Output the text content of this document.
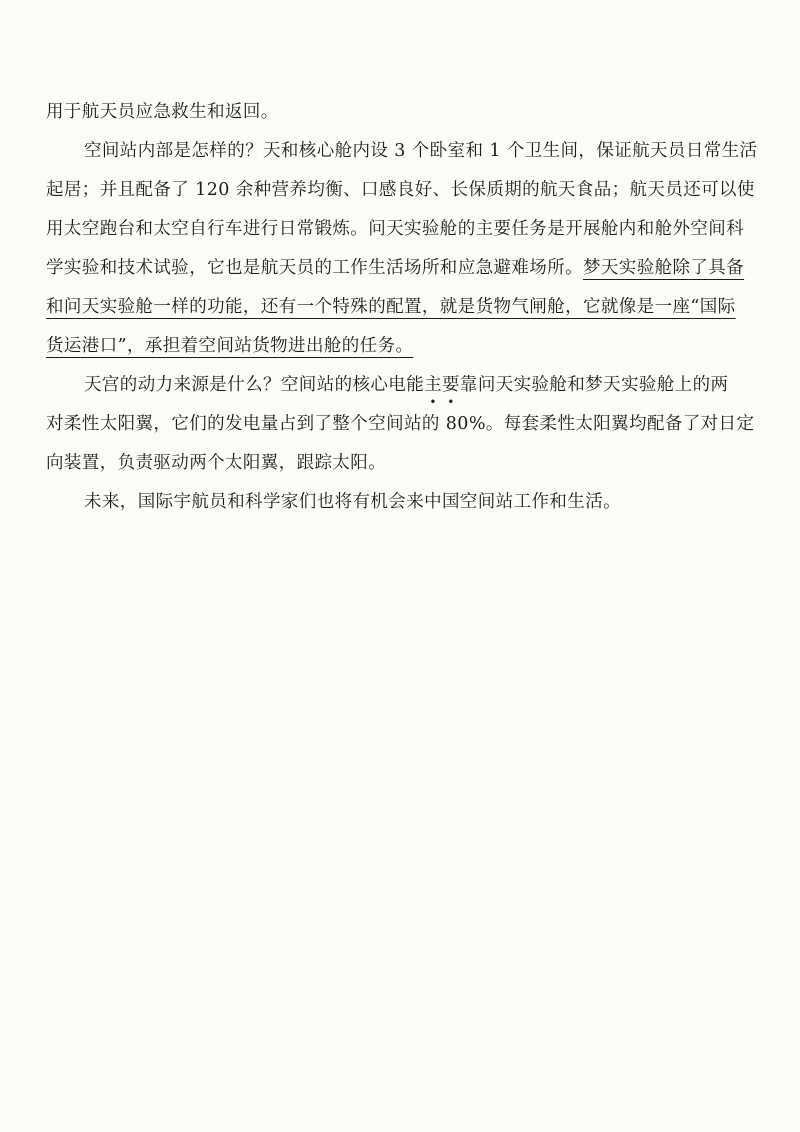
用于航天员应急救生和返回。
空间站内部是怎样的？天和核心舱内设 3 个卧室和 1 个卫生间，保证航天员日常生活
起居；并且配备了 120 余种营养均衡、口感良好、长保质期的航天食品；航天员还可以使
用太空跑台和太空自行车进行日常锻炼。问天实验舱的主要任务是开展舱内和舱外空间科
学实验和技术试验，它也是航天员的工作生活场所和应急避难场所。梦天实验舱除了具备
和问天实验舱一样的功能，还有一个特殊的配置，就是货物气闸舱，它就像是一座“国际
货运港口”，承担着空间站货物进出舱的任务。
天宫的动力来源是什么？空间站的核心电能主要靠问天实验舱和梦天实验舱上的两
对柔性太阳翼，它们的发电量占到了整个空间站的 80%。每套柔性太阳翼均配备了对日定
向装置，负责驱动两个太阳翼，跟踪太阳。
未来，国际宇航员和科学家们也将有机会来中国空间站工作和生活。
